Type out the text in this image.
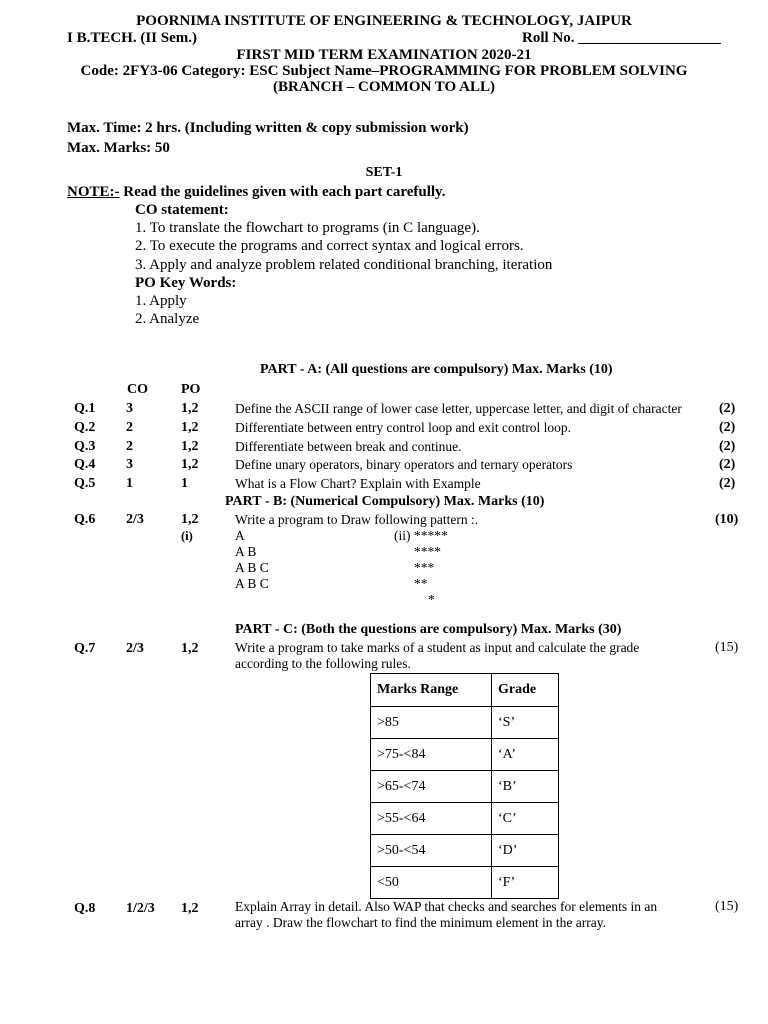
POORNIMA INSTITUTE OF ENGINEERING & TECHNOLOGY, JAIPUR
I B.TECH. (II Sem.)	Roll No. ___________________
FIRST MID TERM EXAMINATION 2020-21
Code: 2FY3-06 Category: ESC Subject Name–PROGRAMMING FOR PROBLEM SOLVING
(BRANCH – COMMON TO ALL)
Max. Time: 2 hrs. (Including written & copy submission work)
Max. Marks: 50
SET-1
NOTE:- Read the guidelines given with each part carefully.
CO statement:
1. To translate the flowchart to programs (in C language).
2. To execute the programs and correct syntax and logical errors.
3. Apply and analyze problem related conditional branching, iteration
PO Key Words:
1. Apply
2. Analyze
PART - A: (All questions are compulsory) Max. Marks (10)
CO PO
Q.1 3	1,2	Define the ASCII range of lower case letter, uppercase letter, and digit of character	(2)
Q.2 2	1,2	Differentiate between entry control loop and exit control loop.	(2)
Q.3 2	1,2	Differentiate between break and continue.	(2)
Q.4 3	1,2	Define unary operators, binary operators and ternary operators	(2)
Q.5 1	1	What is a Flow Chart? Explain with Example	(2)
PART - B: (Numerical Compulsory) Max. Marks (10)
Q.6 2/3	1,2	Write a program to Draw following pattern :.	(10)
(i)	A
A B
A B C
A B C
(ii) *****
****
***
**
*
PART - C: (Both the questions are compulsory) Max. Marks (30)
Q.7 2/3	1,2	Write a program to take marks of a student as input and calculate the grade
according to the following rules.
(15)
Marks Range	Grade
>85	‘S’
>75-<84	‘A’
>65-<74	‘B’
>55-<64	‘C’
>50-<54	‘D’
<50	‘F’
Q.8 1/2/3 1,2	Explain Array in detail. Also WAP that checks and searches for elements in an
array . Draw the flowchart to find the minimum element in the array.
(15)
